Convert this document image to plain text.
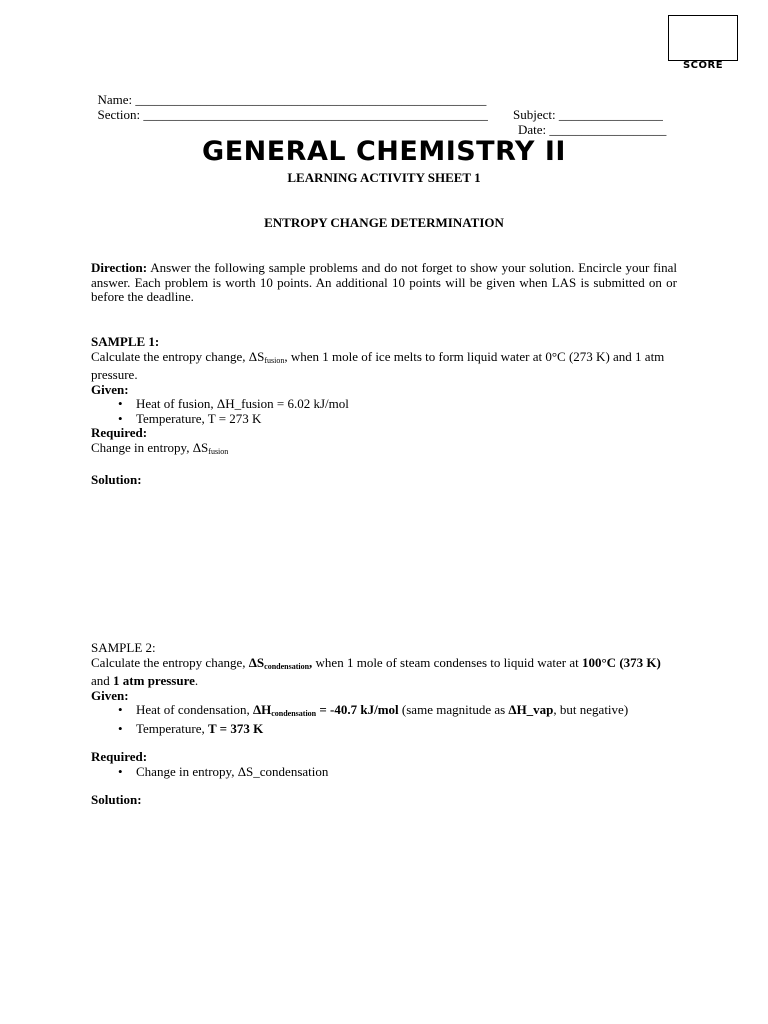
SCORE

Name: ______________________________________________________

Subject: ________________

Section: _____________________________________________________

Date: __________________

GENERAL CHEMISTRY II
LEARNING ACTIVITY SHEET 1
ENTROPY CHANGE DETERMINATION
Direction: Answer the following sample problems and do not forget to show your solution. Encircle your final answer. Each problem is worth 10 points. An additional 10 points will be given when LAS is submitted on or before the deadline.
SAMPLE 1:
Calculate the entropy change, $\Delta S_{fusion}$, when 1 mole of ice melts to form liquid water at 0°C (273 K) and 1 atm pressure.
Given:
• Heat of fusion, ΔH_fusion = 6.02 kJ/mol
• Temperature, T = 273 K
Required:
Change in entropy, $\Delta S_{fusion}$
Solution:
SAMPLE 2:
Calculate the entropy change, $\Delta S_{condensation}$, when 1 mole of steam condenses to liquid water at 100°C (373 K) and 1 atm pressure.
Given:
• Heat of condensation, $\Delta H_{condensation} = -40.7$ kJ/mol (same magnitude as ΔH_vap, but negative)
• Temperature, T = 373 K
Required:
• Change in entropy, ΔS_condensation
Solution:
